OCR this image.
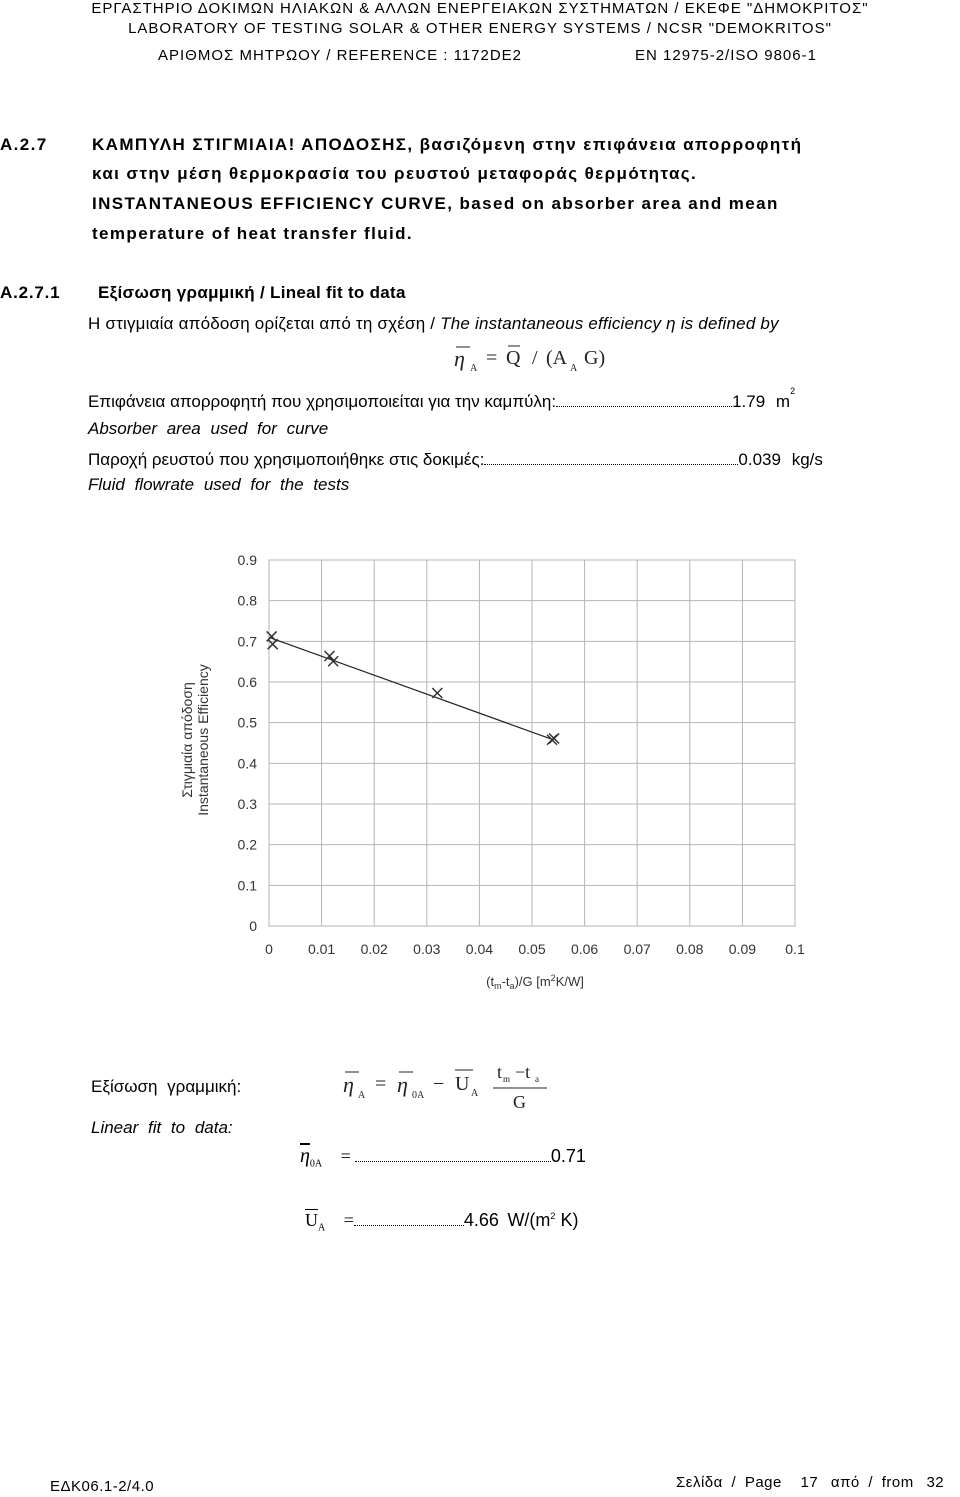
ΕΡΓΑΣΤΗΡΙΟ ΔΟΚΙΜΩΝ ΗΛΙΑΚΩΝ & ΑΛΛΩΝ ΕΝΕΡΓΕΙΑΚΩΝ ΣΥΣΤΗΜΑΤΩΝ / ΕΚΕΦΕ "ΔΗΜΟΚΡΙΤΟΣ"
LABORATORY OF TESTING SOLAR & OTHER ENERGY SYSTEMS / NCSR "DEMOKRITOS"
ΑΡΙΘΜΟΣ ΜΗΤΡΩΟΥ / REFERENCE : 1172DE2	EN 12975-2/ISO 9806-1
A.2.7	ΚΑΜΠΥΛΗ ΣΤΙΓΜΙΑΙΑ! ΑΠΟΔΟΣΗΣ, βασιζόμενη στην επιφάνεια απορροφητή
και στην μέση θερμοκρασία του ρευστού μεταφοράς θερμότητας.
INSTANTANEOUS EFFICIENCY CURVE, based on absorber area and mean
temperature of heat transfer fluid.
A.2.7.1 Εξίσωση γραμμική / Lineal fit to data
Η στιγμιαία απόδοση ορίζεται από τη σχέση / The instantaneous efficiency η is defined by
η A = Q / (A A G)
Επιφάνεια απορροφητή που χρησιμοποιείται για την καμπύλη:	1.79 $m^2$
Absorber area used for curve
Παροχή ρευστού που χρησιμοποιήθηκε στις δοκιμές:	0.039 kg/s
Fluid flowrate used for the tests
0	0.01 0.02 0.03 0.04 0.05 0.06 0.07 0.08 0.09 0.1
0
0.1
0.2
0.3
0.4
0.5
0.6
0.7
0.8
0.9
Στιγμιαία απόδοση Instantaneous Efficiency
$(t_m-t_a)/G$ $[m^2K/W]$
Εξίσωση γραμμική:
Linear fit to data:
η A
= η 0A
− U A
t m −t a
G
$\overline{\eta}_{0A}$ =	0.71
$\overline{U}_A$ =	4.66 $W/(m^2$ K)
ΕΔΚ06.1-2/4.0	Σελίδα / Page 17 από / from 32
